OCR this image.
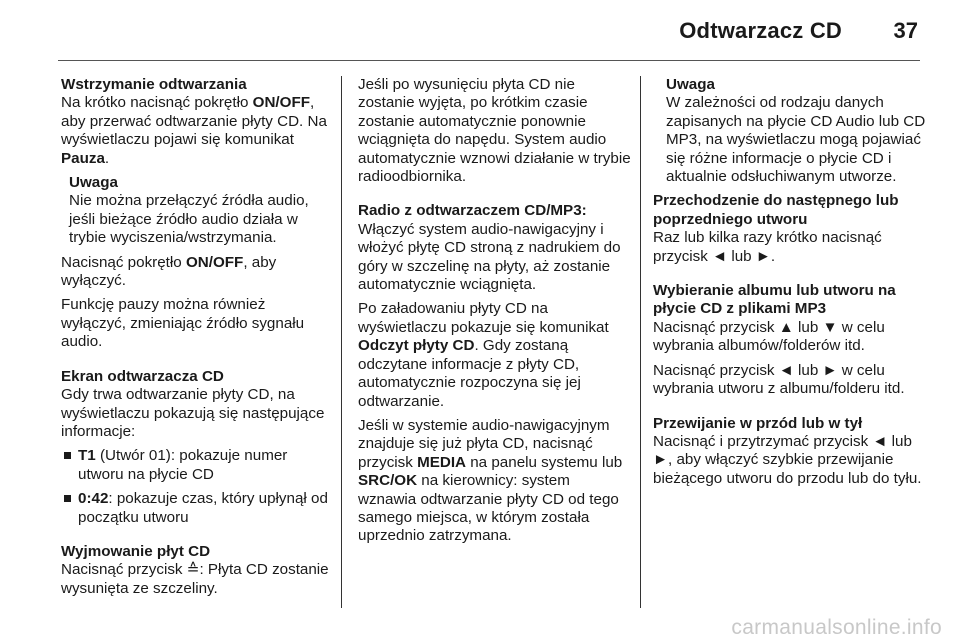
Odtwarzacz CD 37

Wstrzymanie odtwarzania
Na krótko nacisnąć pokrętło ON/OFF, aby przerwać odtwarzanie płyty CD. Na wyświetlaczu pojawi się komunikat Pauza.

Uwaga
Nie można przełączyć źródła audio, jeśli bieżące źródło audio działa w trybie wyciszenia/wstrzymania.

Nacisnąć pokrętło ON/OFF, aby wyłączyć.

Funkcję pauzy można również wyłączyć, zmieniając źródło sygnału audio.

Ekran odtwarzacza CD
Gdy trwa odtwarzanie płyty CD, na wyświetlaczu pokazują się następujące informacje:

T1 (Utwór 01): pokazuje numer utworu na płycie CD
0:42: pokazuje czas, który upłynął od początku utworu

Wyjmowanie płyt CD
Nacisnąć przycisk ≙: Płyta CD zostanie wysunięta ze szczeliny.

Jeśli po wysunięciu płyta CD nie zostanie wyjęta, po krótkim czasie zostanie automatycznie ponownie wciągnięta do napędu. System audio automatycznie wznowi działanie w trybie radioodbiornika.

Radio z odtwarzaczem CD/MP3:
Włączyć system audio-nawigacyjny i włożyć płytę CD stroną z nadrukiem do góry w szczelinę na płyty, aż zostanie automatycznie wciągnięta.

Po załadowaniu płyty CD na wyświetlaczu pokazuje się komunikat Odczyt płyty CD. Gdy zostaną odczytane informacje z płyty CD, automatycznie rozpoczyna się jej odtwarzanie.

Jeśli w systemie audio-nawigacyjnym znajduje się już płyta CD, nacisnąć przycisk MEDIA na panelu systemu lub SRC/OK na kierownicy: system wznawia odtwarzanie płyty CD od tego samego miejsca, w którym została uprzednio zatrzymana.

Uwaga
W zależności od rodzaju danych zapisanych na płycie CD Audio lub CD MP3, na wyświetlaczu mogą pojawiać się różne informacje o płycie CD i aktualnie odsłuchiwanym utworze.

Przechodzenie do następnego lub poprzedniego utworu
Raz lub kilka razy krótko nacisnąć przycisk ◄ lub ►.

Wybieranie albumu lub utworu na płycie CD z plikami MP3
Nacisnąć przycisk ▲ lub ▼ w celu wybrania albumów/folderów itd.

Nacisnąć przycisk ◄ lub ► w celu wybrania utworu z albumu/folderu itd.

Przewijanie w przód lub w tył
Nacisnąć i przytrzymać przycisk ◄ lub ►, aby włączyć szybkie przewijanie bieżącego utworu do przodu lub do tyłu.

carmanualsonline.info
